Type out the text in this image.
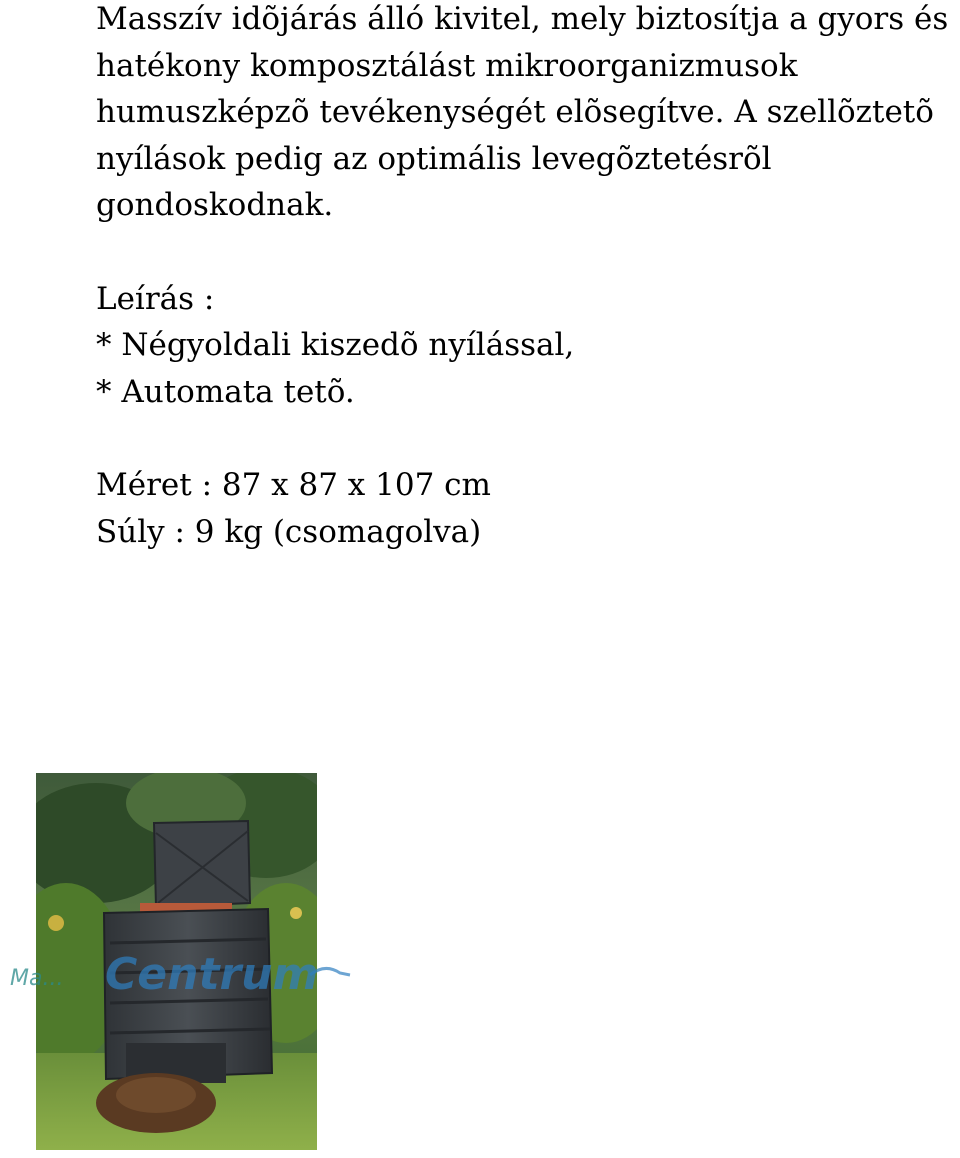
Masszív idõjárás álló kivitel, mely biztosítja a gyors és

hatékony komposztálást mikroorganizmusok

humuszképzõ tevékenységét elõsegítve. A szellõztetõ

nyílások pedig az optimális levegõztetésrõl

gondoskodnak.

Leírás :

* Négyoldali kiszedõ nyílással,

* Automata tetõ.

Méret : 87 x 87 x 107 cm

Súly : 9 kg (csomagolva)

Ma... Centrum
